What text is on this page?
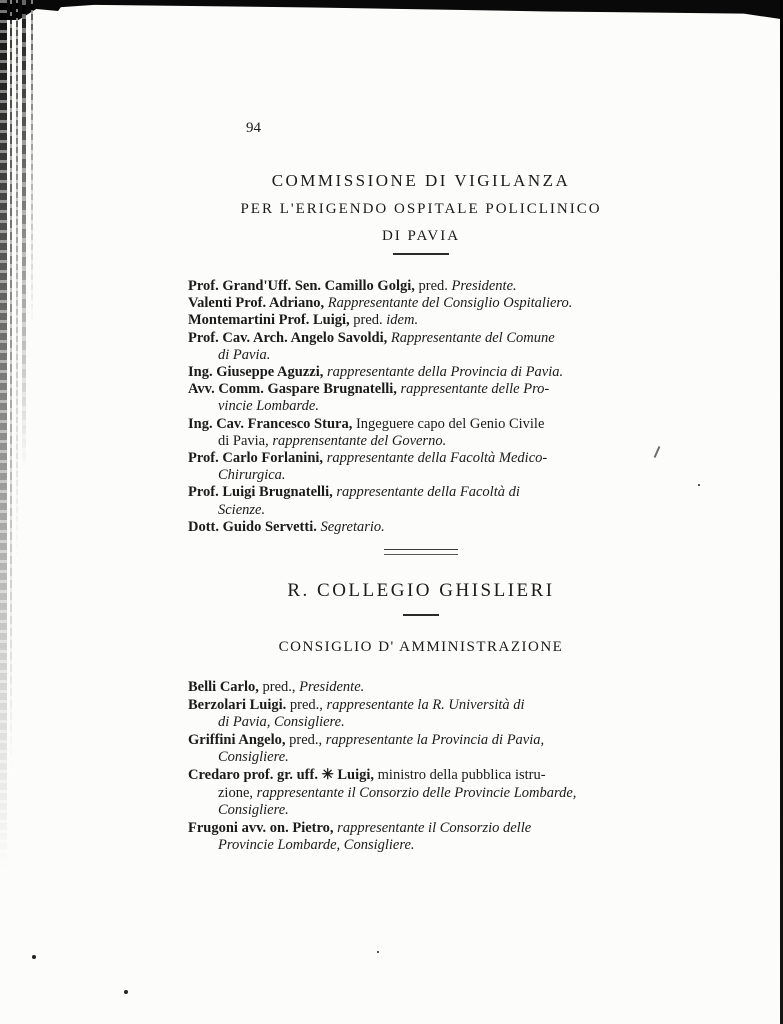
94
COMMISSIONE DI VIGILANZA
PER L'ERIGENDO OSPITALE POLICLINICO
DI PAVIA

Prof. Grand'Uff. Sen. Camillo Golgi, pred. Presidente.

Valenti Prof. Adriano, Rappresentante del Consiglio Ospitaliero.

Montemartini Prof. Luigi, pred. idem.

Prof. Cav. Arch. Angelo Savoldi, Rappresentante del Comune
di Pavia.

Ing. Giuseppe Aguzzi, rappresentante della Provincia di Pavia.

Avv. Comm. Gaspare Brugnatelli, rappresentante delle Pro-
vincie Lombarde.

Ing. Cav. Francesco Stura, Ingeguere capo del Genio Civile
di Pavia, rapprensentante del Governo.

Prof. Carlo Forlanini, rappresentante della Facoltà Medico-
Chirurgica.

Prof. Luigi Brugnatelli, rappresentante della Facoltà di
Scienze.

Dott. Guido Servetti. Segretario.

R. COLLEGIO GHISLIERI
CONSIGLIO D' AMMINISTRAZIONE

Belli Carlo, pred., Presidente.

Berzolari Luigi. pred., rappresentante la R. Università di
di Pavia, Consigliere.

Griffini Angelo, pred., rappresentante la Provincia di Pavia,
Consigliere.

Credaro prof. gr. uff. ✳ Luigi, ministro della pubblica istru-
zione, rappresentante il Consorzio delle Provincie Lombarde,
Consigliere.

Frugoni avv. on. Pietro, rappresentante il Consorzio delle
Provincie Lombarde, Consigliere.
